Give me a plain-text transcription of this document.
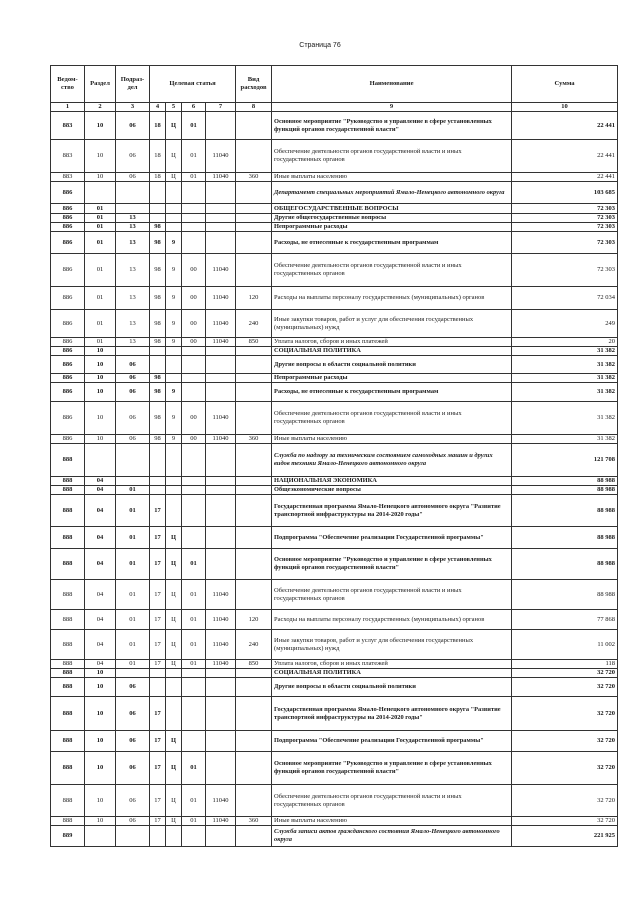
Страница 76
Ведом-ство	Раздел	Подраз-дел	Целевая статья				Вид расходов	Наименование	Сумма
1	2	3	4	5	6	7	8	9	10
883	10	06	18	Ц	01			Основное мероприятие "Руководство и управление в сфере установленных функций органов государственной власти"	22 441
883	10	06	18	Ц	01	11040		Обеспечение деятельности органов государственной власти и иных государственных органов	22 441
883	10	06	18	Ц	01	11040	360	Иные выплаты населению	22 441
886								Департамент специальных мероприятий Ямало-Ненецкого автономного округа	103 685
886	01							ОБЩЕГОСУДАРСТВЕННЫЕ ВОПРОСЫ	72 303
886	01	13						Другие общегосударственные вопросы	72 303
886	01	13	98					Непрограммные расходы	72 303
886	01	13	98	9				Расходы, не отнесенные к государственным программам	72 303
886	01	13	98	9	00	11040		Обеспечение деятельности органов государственной власти и иных государственных органов	72 303
886	01	13	98	9	00	11040	120	Расходы на выплаты персоналу государственных (муниципальных) органов	72 034
886	01	13	98	9	00	11040	240	Иные закупки товаров, работ и услуг для обеспечения государственных (муниципальных) нужд	249
886	01	13	98	9	00	11040	850	Уплата налогов, сборов и иных платежей	20
886	10							СОЦИАЛЬНАЯ ПОЛИТИКА	31 382
886	10	06						Другие вопросы в области социальной политики	31 382
886	10	06	98					Непрограммные расходы	31 382
886	10	06	98	9				Расходы, не отнесенные к государственным программам	31 382
886	10	06	98	9	00	11040		Обеспечение деятельности органов государственной власти и иных государственных органов	31 382
886	10	06	98	9	00	11040	360	Иные выплаты населению	31 382
888								Служба по надзору за техническим состоянием самоходных машин и других видов техники Ямало-Ненецкого автономного округа	121 708
888	04							НАЦИОНАЛЬНАЯ ЭКОНОМИКА	88 988
888	04	01						Общеэкономические вопросы	88 988
888	04	01	17					Государственная программа Ямало-Ненецкого автономного округа "Развитие транспортной инфраструктуры на 2014-2020 годы"	88 988
888	04	01	17	Ц				Подпрограмма "Обеспечение реализации Государственной программы"	88 988
888	04	01	17	Ц	01			Основное мероприятие "Руководство и управление в сфере установленных функций органов государственной власти"	88 988
888	04	01	17	Ц	01	11040		Обеспечение деятельности органов государственной власти и иных государственных органов	88 988
888	04	01	17	Ц	01	11040	120	Расходы на выплаты персоналу государственных (муниципальных) органов	77 868
888	04	01	17	Ц	01	11040	240	Иные закупки товаров, работ и услуг для обеспечения государственных (муниципальных) нужд	11 002
888	04	01	17	Ц	01	11040	850	Уплата налогов, сборов и иных платежей	118
888	10							СОЦИАЛЬНАЯ ПОЛИТИКА	32 720
888	10	06						Другие вопросы в области социальной политики	32 720
888	10	06	17					Государственная программа Ямало-Ненецкого автономного округа "Развитие транспортной инфраструктуры на 2014-2020 годы"	32 720
888	10	06	17	Ц				Подпрограмма "Обеспечение реализации Государственной программы"	32 720
888	10	06	17	Ц	01			Основное мероприятие "Руководство и управление в сфере установленных функций органов государственной власти"	32 720
888	10	06	17	Ц	01	11040		Обеспечение деятельности органов государственной власти и иных государственных органов	32 720
888	10	06	17	Ц	01	11040	360	Иные выплаты населению	32 720
889								Служба записи актов гражданского состояния Ямало-Ненецкого автономного округа	221 925
